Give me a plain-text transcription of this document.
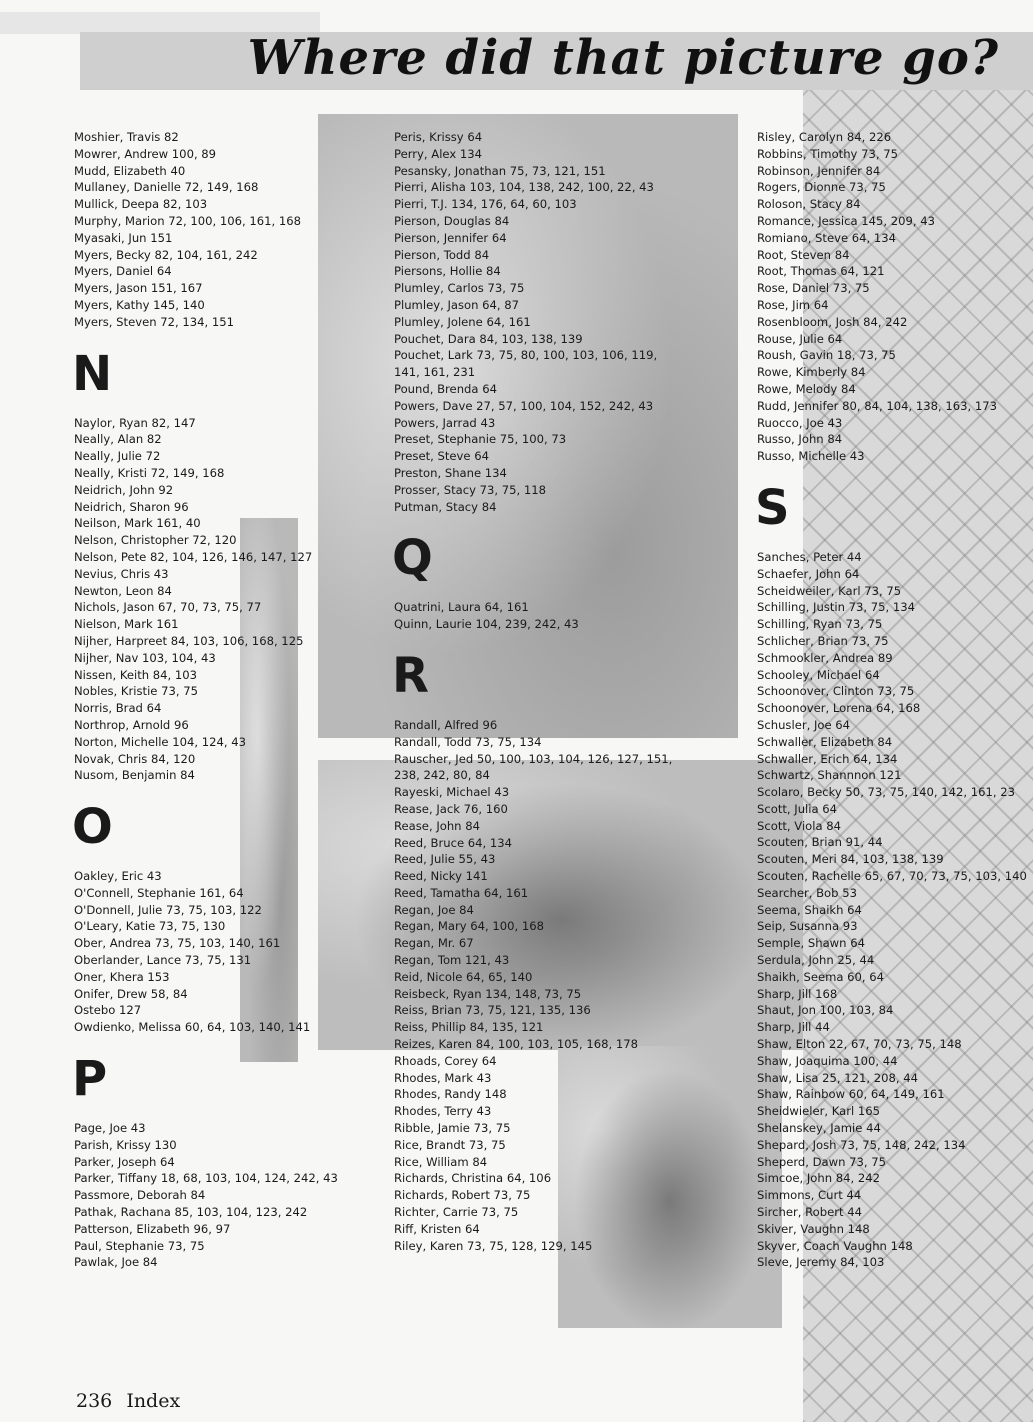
Where did that picture go?
Moshier, Travis 82
Mowrer, Andrew 100, 89
Mudd, Elizabeth 40
Mullaney, Danielle 72, 149, 168
Mullick, Deepa 82, 103
Murphy, Marion 72, 100, 106, 161, 168
Myasaki, Jun 151
Myers, Becky 82, 104, 161, 242
Myers, Daniel 64
Myers, Jason 151, 167
Myers, Kathy 145, 140
Myers, Steven 72, 134, 151
N
Naylor, Ryan 82, 147
Neally, Alan 82
Neally, Julie 72
Neally, Kristi 72, 149, 168
Neidrich, John 92
Neidrich, Sharon 96
Neilson, Mark 161, 40
Nelson, Christopher 72, 120
Nelson, Pete 82, 104, 126, 146, 147, 127
Nevius, Chris 43
Newton, Leon 84
Nichols, Jason 67, 70, 73, 75, 77
Nielson, Mark 161
Nijher, Harpreet 84, 103, 106, 168, 125
Nijher, Nav 103, 104, 43
Nissen, Keith 84, 103
Nobles, Kristie 73, 75
Norris, Brad 64
Northrop, Arnold 96
Norton, Michelle 104, 124, 43
Novak, Chris 84, 120
Nusom, Benjamin 84
O
Oakley, Eric 43
O'Connell, Stephanie 161, 64
O'Donnell, Julie 73, 75, 103, 122
O'Leary, Katie 73, 75, 130
Ober, Andrea 73, 75, 103, 140, 161
Oberlander, Lance 73, 75, 131
Oner, Khera 153
Onifer, Drew 58, 84
Ostebo 127
Owdienko, Melissa 60, 64, 103, 140, 141
P
Page, Joe 43
Parish, Krissy 130
Parker, Joseph 64
Parker, Tiffany 18, 68, 103, 104, 124, 242, 43
Passmore, Deborah 84
Pathak, Rachana 85, 103, 104, 123, 242
Patterson, Elizabeth 96, 97
Paul, Stephanie 73, 75
Pawlak, Joe 84
Peris, Krissy 64
Perry, Alex 134
Pesansky, Jonathan 75, 73, 121, 151
Pierri, Alisha 103, 104, 138, 242, 100, 22, 43
Pierri, T.J. 134, 176, 64, 60, 103
Pierson, Douglas 84
Pierson, Jennifer 64
Pierson, Todd 84
Piersons, Hollie 84
Plumley, Carlos 73, 75
Plumley, Jason 64, 87
Plumley, Jolene 64, 161
Pouchet, Dara 84, 103, 138, 139
Pouchet, Lark 73, 75, 80, 100, 103, 106, 119, 141, 161, 231
Pound, Brenda 64
Powers, Dave 27, 57, 100, 104, 152, 242, 43
Powers, Jarrad 43
Preset, Stephanie 75, 100, 73
Preset, Steve 64
Preston, Shane 134
Prosser, Stacy 73, 75, 118
Putman, Stacy 84
Q
Quatrini, Laura 64, 161
Quinn, Laurie 104, 239, 242, 43
R
Randall, Alfred 96
Randall, Todd 73, 75, 134
Rauscher, Jed 50, 100, 103, 104, 126, 127, 151, 238, 242, 80, 84
Rayeski, Michael 43
Rease, Jack 76, 160
Rease, John 84
Reed, Bruce 64, 134
Reed, Julie 55, 43
Reed, Nicky 141
Reed, Tamatha 64, 161
Regan, Joe 84
Regan, Mary 64, 100, 168
Regan, Mr. 67
Regan, Tom 121, 43
Reid, Nicole 64, 65, 140
Reisbeck, Ryan 134, 148, 73, 75
Reiss, Brian 73, 75, 121, 135, 136
Reiss, Phillip 84, 135, 121
Reizes, Karen 84, 100, 103, 105, 168, 178
Rhoads, Corey 64
Rhodes, Mark 43
Rhodes, Randy 148
Rhodes, Terry 43
Ribble, Jamie 73, 75
Rice, Brandt 73, 75
Rice, William 84
Richards, Christina 64, 106
Richards, Robert 73, 75
Richter, Carrie 73, 75
Riff, Kristen 64
Riley, Karen 73, 75, 128, 129, 145
Risley, Carolyn 84, 226
Robbins, Timothy 73, 75
Robinson, Jennifer 84
Rogers, Dionne 73, 75
Roloson, Stacy 84
Romance, Jessica 145, 209, 43
Romiano, Steve 64, 134
Root, Steven 84
Root, Thomas 64, 121
Rose, Daniel 73, 75
Rose, Jim 64
Rosenbloom, Josh 84, 242
Rouse, Julie 64
Roush, Gavin 18, 73, 75
Rowe, Kimberly 84
Rowe, Melody 84
Rudd, Jennifer 80, 84, 104, 138, 163, 173
Ruocco, Joe 43
Russo, John 84
Russo, Michelle 43
S
Sanches, Peter 44
Schaefer, John 64
Scheidweiler, Karl 73, 75
Schilling, Justin 73, 75, 134
Schilling, Ryan 73, 75
Schlicher, Brian 73, 75
Schmookler, Andrea 89
Schooley, Michael 64
Schoonover, Clinton 73, 75
Schoonover, Lorena 64, 168
Schusler, Joe 64
Schwaller, Elizabeth 84
Schwaller, Erich 64, 134
Schwartz, Shannnon 121
Scolaro, Becky 50, 73, 75, 140, 142, 161, 23
Scott, Julia 64
Scott, Viola 84
Scouten, Brian 91, 44
Scouten, Meri 84, 103, 138, 139
Scouten, Rachelle 65, 67, 70, 73, 75, 103, 140
Searcher, Bob 53
Seema, Shaikh 64
Seip, Susanna 93
Semple, Shawn 64
Serdula, John 25, 44
Shaikh, Seema 60, 64
Sharp, Jill 168
Shaut, Jon 100, 103, 84
Sharp, Jill 44
Shaw, Elton 22, 67, 70, 73, 75, 148
Shaw, Joaquima 100, 44
Shaw, Lisa 25, 121, 208, 44
Shaw, Rainbow 60, 64, 149, 161
Sheidwieler, Karl 165
Shelanskey, Jamie 44
Shepard, Josh 73, 75, 148, 242, 134
Sheperd, Dawn 73, 75
Simcoe, John 84, 242
Simmons, Curt 44
Sircher, Robert 44
Skiver, Vaughn 148
Skyver, Coach Vaughn 148
Sleve, Jeremy 84, 103
236 Index
